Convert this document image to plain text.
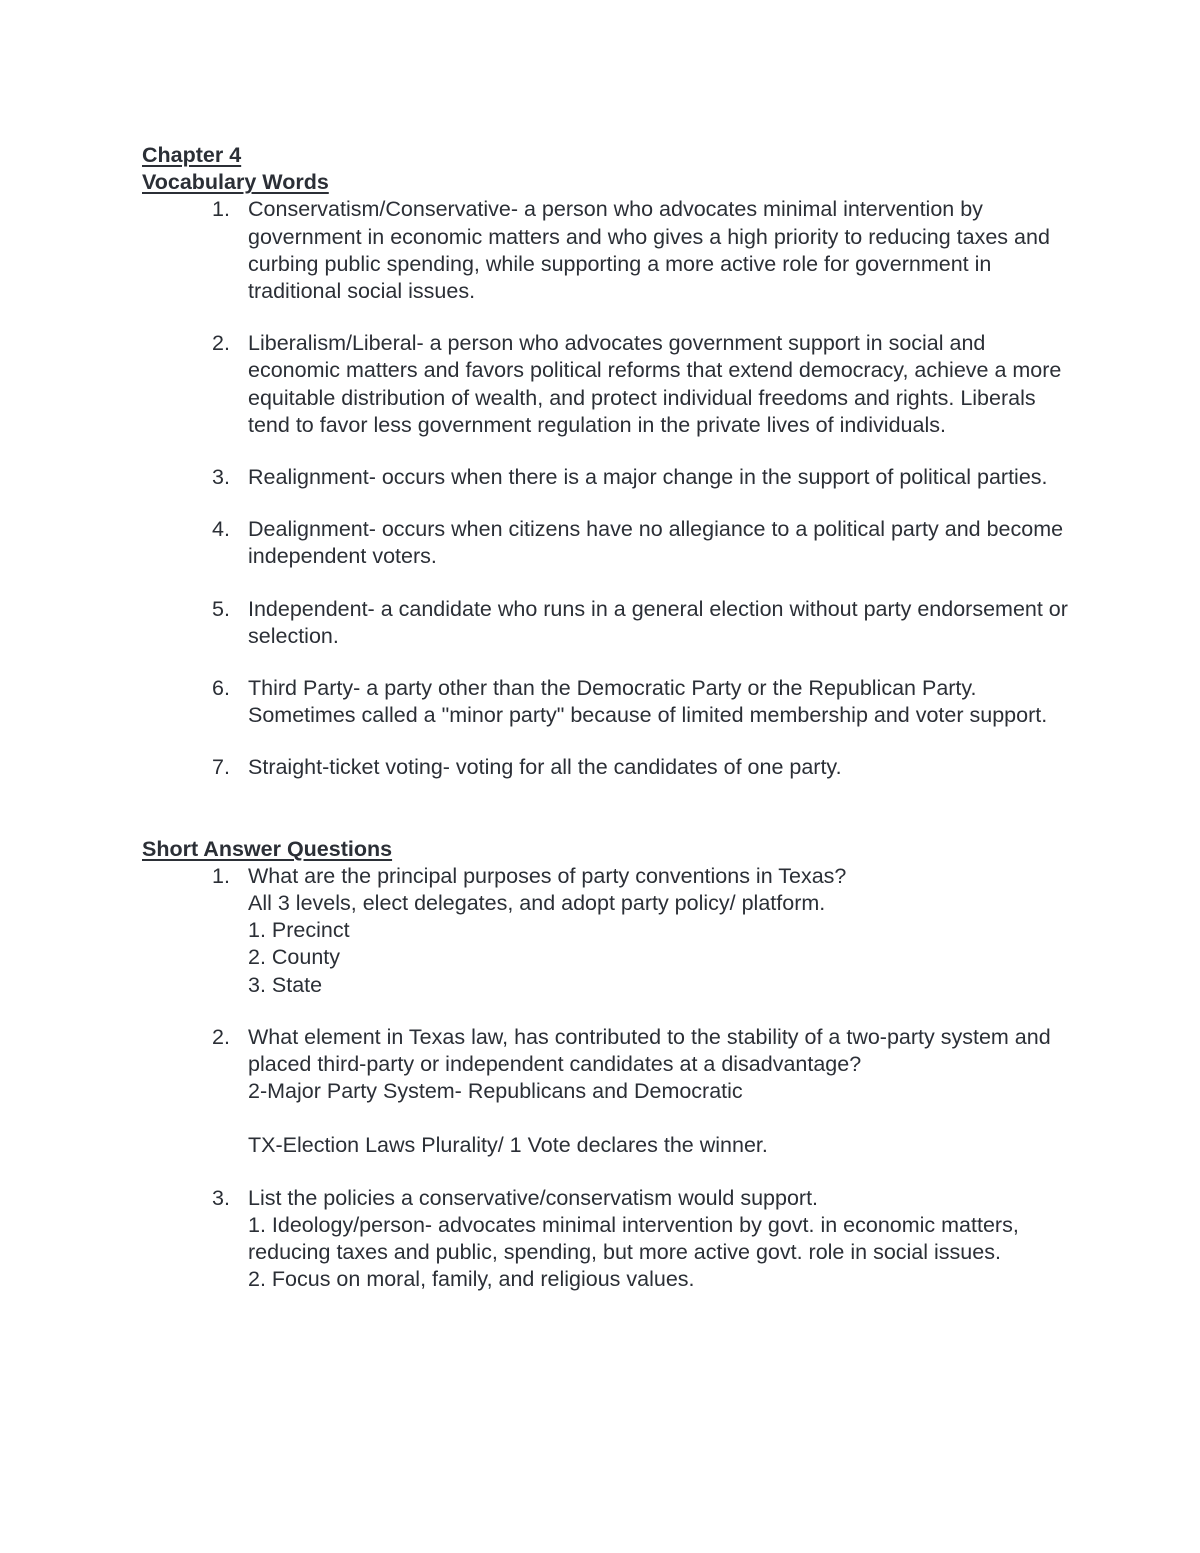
Chapter 4

Vocabulary Words

1. Conservatism/Conservative- a person who advocates minimal intervention by government in economic matters and who gives a high priority to reducing taxes and curbing public spending, while supporting a more active role for government in traditional social issues.
2. Liberalism/Liberal- a person who advocates government support in social and economic matters and favors political reforms that extend democracy, achieve a more equitable distribution of wealth, and protect individual freedoms and rights. Liberals tend to favor less government regulation in the private lives of individuals.
3. Realignment- occurs when there is a major change in the support of political parties.
4. Dealignment- occurs when citizens have no allegiance to a political party and become independent voters.
5. Independent- a candidate who runs in a general election without party endorsement or selection.
6. Third Party- a party other than the Democratic Party or the Republican Party. Sometimes called a "minor party" because of limited membership and voter support.
7. Straight-ticket voting- voting for all the candidates of one party.

Short Answer Questions

1. What are the principal purposes of party conventions in Texas?
All 3 levels, elect delegates, and adopt party policy/ platform.
1. Precinct
2. County
3. State
2. What element in Texas law, has contributed to the stability of a two-party system and placed third-party or independent candidates at a disadvantage?
2-Major Party System- Republicans and Democratic
TX-Election Laws Plurality/ 1 Vote declares the winner.
3. List the policies a conservative/conservatism would support.
1. Ideology/person- advocates minimal intervention by govt. in economic matters, reducing taxes and public, spending, but more active govt. role in social issues.
2. Focus on moral, family, and religious values.
